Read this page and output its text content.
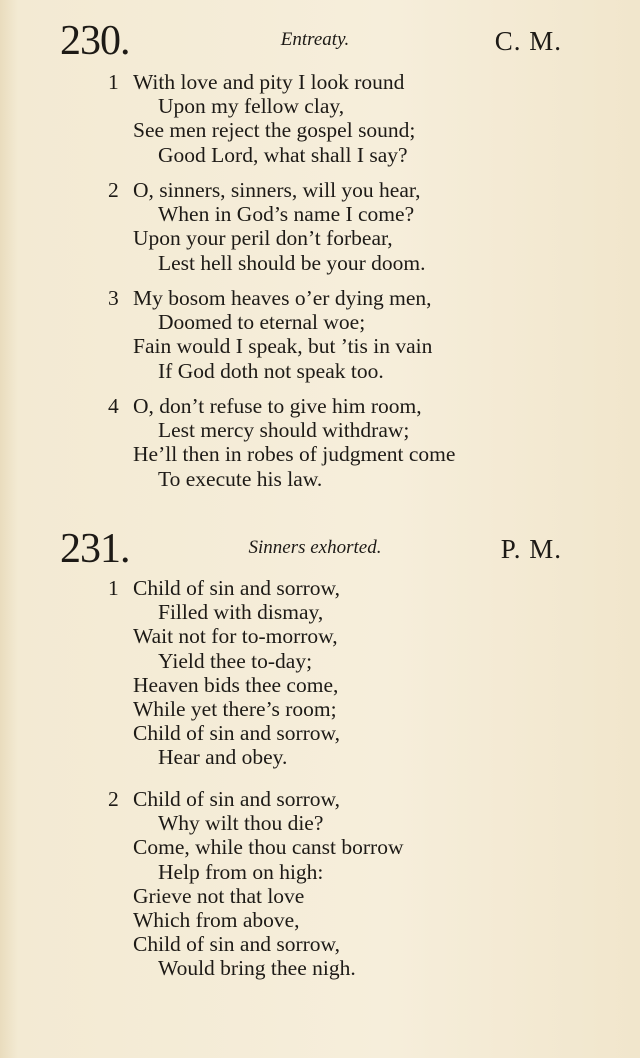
230.	Entreaty.	C. M.
1 With love and pity I look round
Upon my fellow clay,
See men reject the gospel sound;
Good Lord, what shall I say?
2 O, sinners, sinners, will you hear,
When in God’s name I come?
Upon your peril don’t forbear,
Lest hell should be your doom.
3 My bosom heaves o’er dying men,
Doomed to eternal woe;
Fain would I speak, but ’tis in vain
If God doth not speak too.
4 O, don’t refuse to give him room,
Lest mercy should withdraw;
He’ll then in robes of judgment come
To execute his law.
231.	Sinners exhorted.	P. M.
1 Child of sin and sorrow,
Filled with dismay,
Wait not for to-morrow,
Yield thee to-day;
Heaven bids thee come,
While yet there’s room;
Child of sin and sorrow,
Hear and obey.
2 Child of sin and sorrow,
Why wilt thou die?
Come, while thou canst borrow
Help from on high:
Grieve not that love
Which from above,
Child of sin and sorrow,
Would bring thee nigh.
